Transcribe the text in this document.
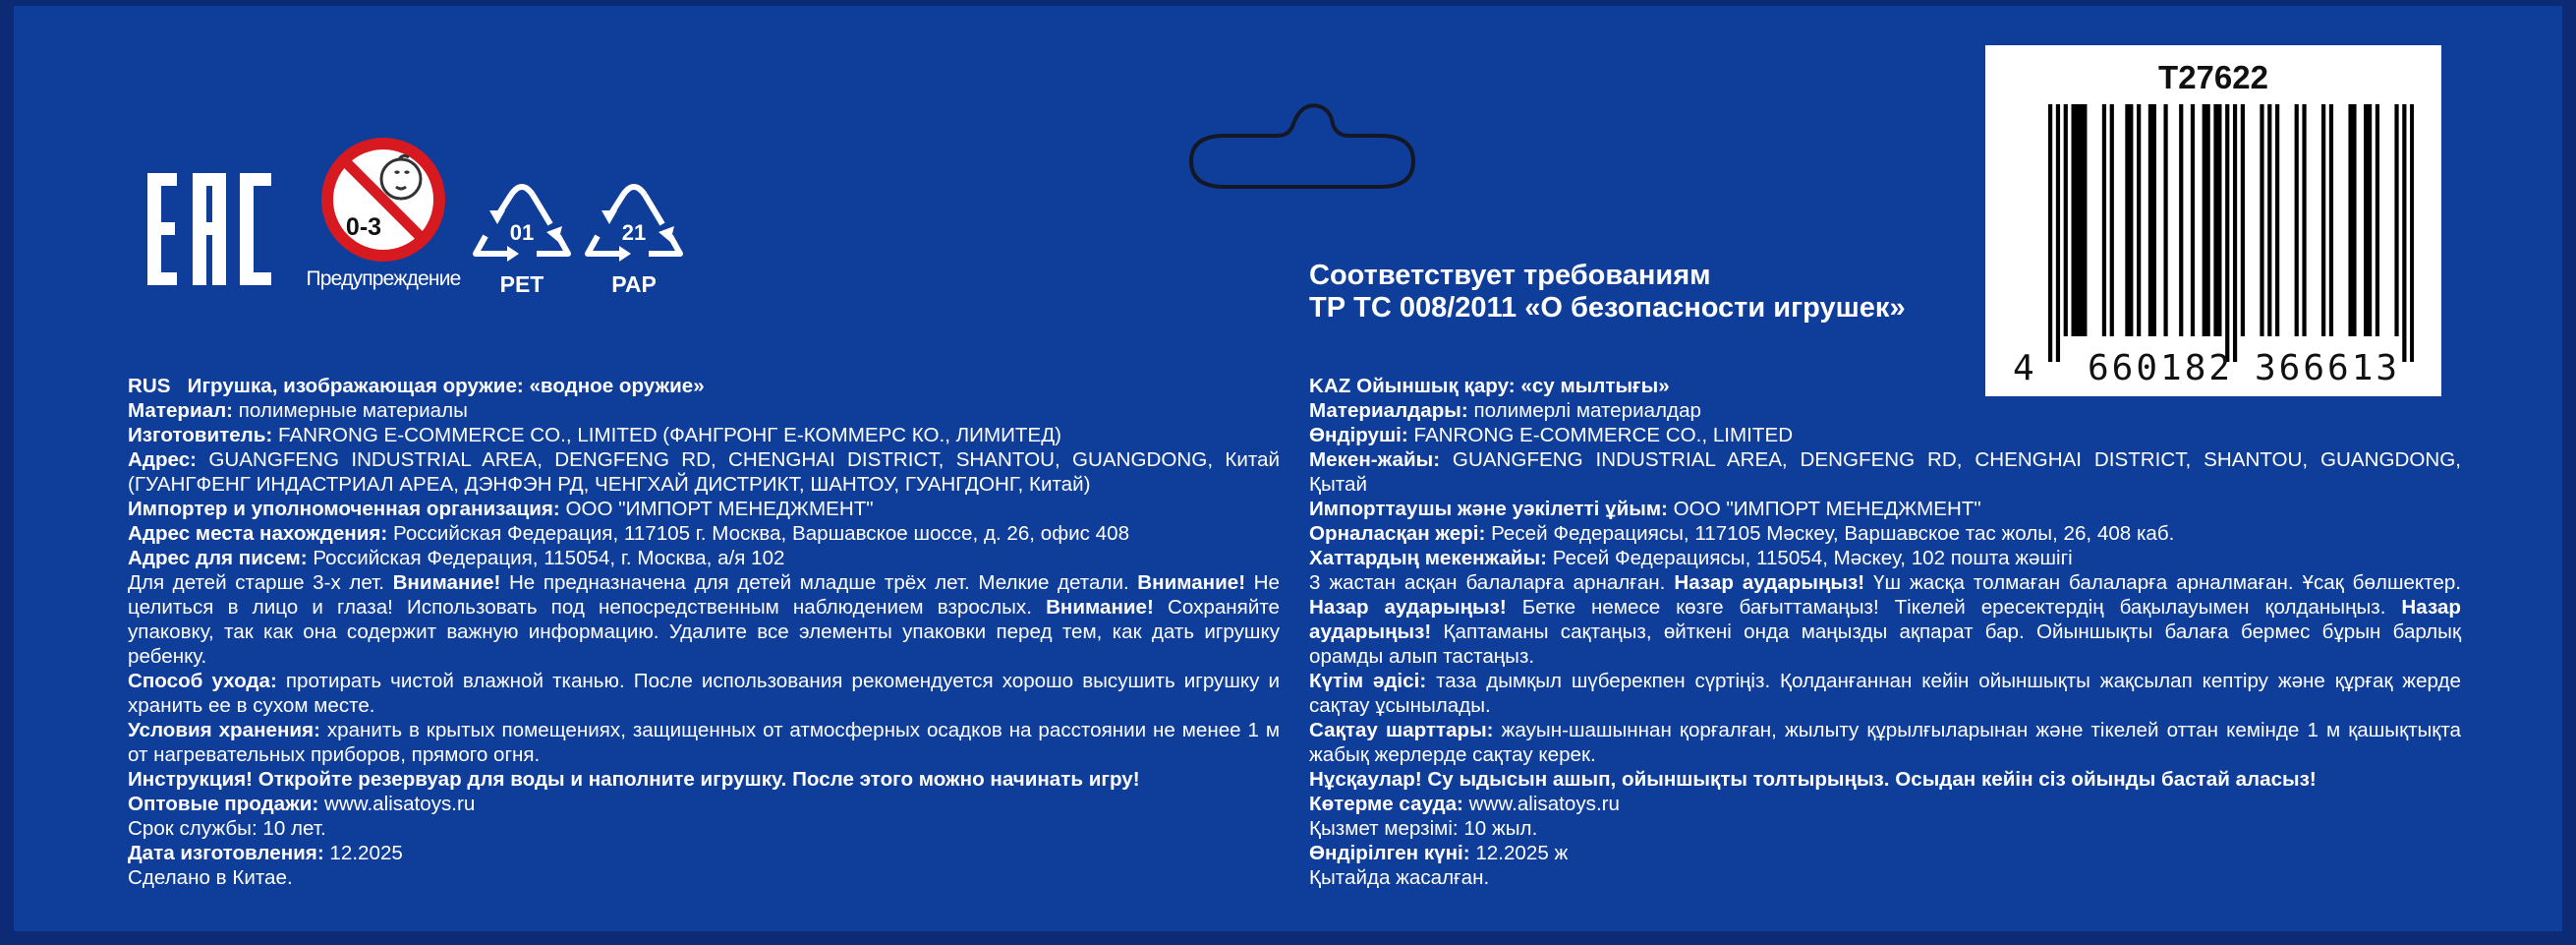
0-3
Предупреждение
01
PET
21
PAP	Соответствует требованиям
ТР ТС 008/2011 «О безопасности игрушек»
T27622
4 660182 366613

RUS Игрушка, изображающая оружие: «водное оружие»

Материал: полимерные материалы

Изготовитель: FANRONG E-COMMERCE CO., LIMITED (ФАНГРОНГ Е-КОММЕРС КО., ЛИМИТЕД)

Адрес: GUANGFENG INDUSTRIAL AREA, DENGFENG RD, CHENGHAI DISTRICT, SHANTOU, GUANGDONG, Китай (ГУАНГФЕНГ ИНДАСТРИАЛ АРЕА, ДЭНФЭН РД, ЧЕНГХАЙ ДИСТРИКТ, ШАНТОУ, ГУАНГДОНГ, Китай)

Импортер и уполномоченная организация: ООО "ИМПОРТ МЕНЕДЖМЕНТ"

Адрес места нахождения: Российская Федерация, 117105 г. Москва, Варшавское шоссе, д. 26, офис 408

Адрес для писем: Российская Федерация, 115054, г. Москва, а/я 102

Для детей старше 3-х лет. Внимание! Не предназначена для детей младше трёх лет. Мелкие детали. Внимание! Не целиться в лицо и глаза! Использовать под непосредственным наблюдением взрослых. Внимание! Сохраняйте упаковку, так как она содержит важную информацию. Удалите все элементы упаковки перед тем, как дать игрушку ребенку.

Способ ухода: протирать чистой влажной тканью. После использования рекомендуется хорошо высушить игрушку и хранить ее в сухом месте.

Условия хранения: хранить в крытых помещениях, защищенных от атмосферных осадков на расстоянии не менее 1 м от нагревательных приборов, прямого огня.

Инструкция! Откройте резервуар для воды и наполните игрушку. После этого можно начинать игру!

Оптовые продажи: www.alisatoys.ru

Срок службы: 10 лет.

Дата изготовления: 12.2025

Сделано в Китае.

KAZ Ойыншық қару: «су мылтығы»

Материалдары: полимерлі материалдар

Өндіруші: FANRONG E-COMMERCE CO., LIMITED

Мекен-жайы: GUANGFENG INDUSTRIAL AREA, DENGFENG RD, CHENGHAI DISTRICT, SHANTOU, GUANGDONG, Қытай

Импорттаушы және уәкілетті ұйым: ООО "ИМПОРТ МЕНЕДЖМЕНТ"

Орналасқан жері: Ресей Федерациясы, 117105 Мәскеу, Варшавское тас жолы, 26, 408 каб.

Хаттардың мекенжайы: Ресей Федерациясы, 115054, Мәскеу, 102 пошта жәшігі

3 жастан асқан балаларға арналған. Назар аударыңыз! Үш жасқа толмаған балаларға арналмаған. Ұсақ бөлшектер. Назар аударыңыз! Бетке немесе көзге бағыттамаңыз! Тікелей ересектердің бақылауымен қолданыңыз. Назар аударыңыз! Қаптаманы сақтаңыз, өйткені онда маңызды ақпарат бар. Ойыншықты балаға бермес бұрын барлық орамды алып тастаңыз.

Күтім әдісі: таза дымқыл шүберекпен сүртіңіз. Қолданғаннан кейін ойыншықты жақсылап кептіру және құрғақ жерде сақтау ұсынылады.

Сақтау шарттары: жауын-шашыннан қорғалған, жылыту құрылғыларынан және тікелей оттан кемінде 1 м қашықтықта жабық жерлерде сақтау керек.

Нұсқаулар! Су ыдысын ашып, ойыншықты толтырыңыз. Осыдан кейін сіз ойынды бастай аласыз!

Көтерме сауда: www.alisatoys.ru

Қызмет мерзімі: 10 жыл.

Өндірілген күні: 12.2025 ж

Қытайда жасалған.
